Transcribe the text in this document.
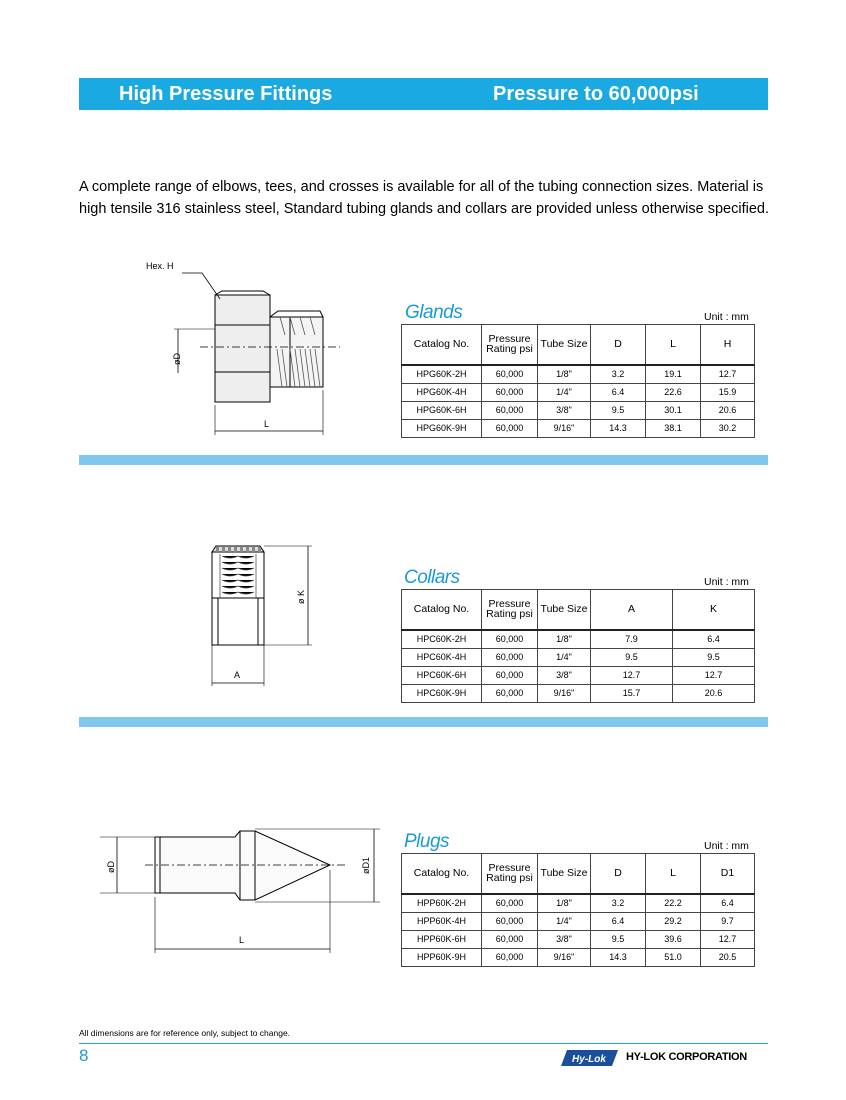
High Pressure Fittings	Pressure to 60,000psi
A complete range of elbows, tees, and crosses is available for all of the tubing connection sizes. Material is high tensile 316 stainless steel, Standard tubing glands and collars are provided unless otherwise specified.
Hex. H
øD
L
Glands	Unit : mm
Catalog No.	Pressure Rating psi	Tube Size	D	L	H
HPG60K-2H	60,000	1/8"	3.2	19.1	12.7
HPG60K-4H	60,000	1/4"	6.4	22.6	15.9
HPG60K-6H	60,000	3/8"	9.5	30.1	20.6
HPG60K-9H	60,000	9/16"	14.3	38.1	30.2
ø K
A
Collars	Unit : mm
Catalog No.	Pressure Rating psi	Tube Size	A	K
HPC60K-2H	60,000	1/8"	7.9	6.4
HPC60K-4H	60,000	1/4"	9.5	9.5
HPC60K-6H	60,000	3/8"	12.7	12.7
HPC60K-9H	60,000	9/16"	15.7	20.6
øD	øD1
L
Plugs	Unit : mm
Catalog No.	Pressure Rating psi	Tube Size	D	L	D1
HPP60K-2H	60,000	1/8"	3.2	22.2	6.4
HPP60K-4H	60,000	1/4"	6.4	29.2	9.7
HPP60K-6H	60,000	3/8"	9.5	39.6	12.7
HPP60K-9H	60,000	9/16"	14.3	51.0	20.5
All dimensions are for reference only, subject to change.
8	Hy-Lok HY-LOK CORPORATION
